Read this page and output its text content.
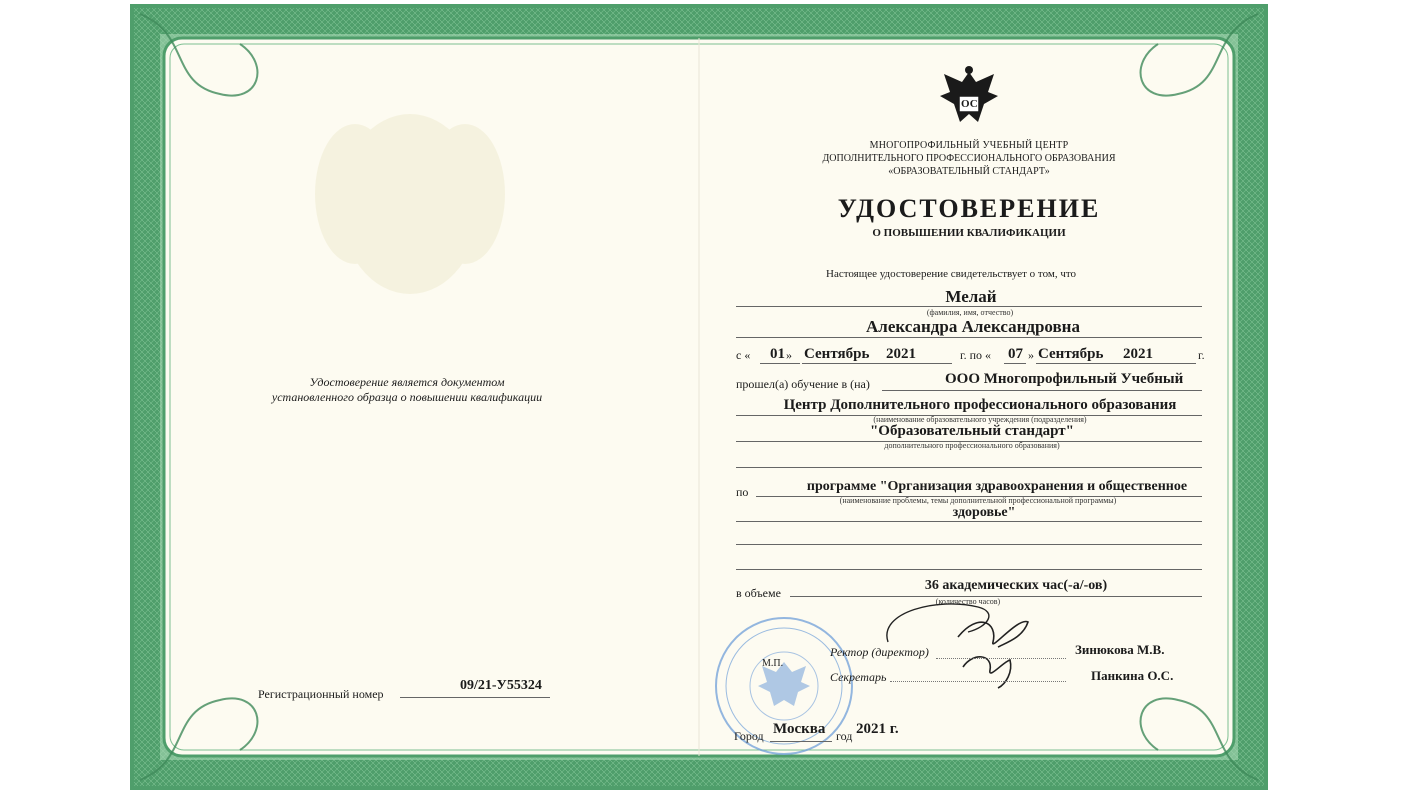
ОС
МНОГОПРОФИЛЬНЫЙ УЧЕБНЫЙ ЦЕНТР
ДОПОЛНИТЕЛЬНОГО ПРОФЕССИОНАЛЬНОГО ОБРАЗОВАНИЯ
«ОБРАЗОВАТЕЛЬНЫЙ СТАНДАРТ»
УДОСТОВЕРЕНИЕ
О ПОВЫШЕНИИ КВАЛИФИКАЦИИ
Настоящее удостоверение свидетельствует о том, что
Мелай
(фамилия, имя, отчество)
Александра Александровна
с « 01 » Сентябрь 2021	г. по « 07 » Сентябрь 2021	г.
прошел(а) обучение в (на)	ООО Многопрофильный Учебный
Центр Дополнительного профессионального образования
(наименование образовательного учреждения (подразделения)
"Образовательный стандарт"
дополнительного профессионального образования)
по	программе "Организация здравоохранения и общественное
(наименование проблемы, темы дополнительной профессиональной программы)
здоровье"
в объеме	36 академических час(-а/-ов)
(количество часов)
Ректор (директор)	Зинюкова М.В.
М.П.
Секретарь	Панкина О.С.
Город Москва год 2021 г.
Удостоверение является документом
установленного образца о повышении квалификации
Регистрационный номер
09/21-У55324
